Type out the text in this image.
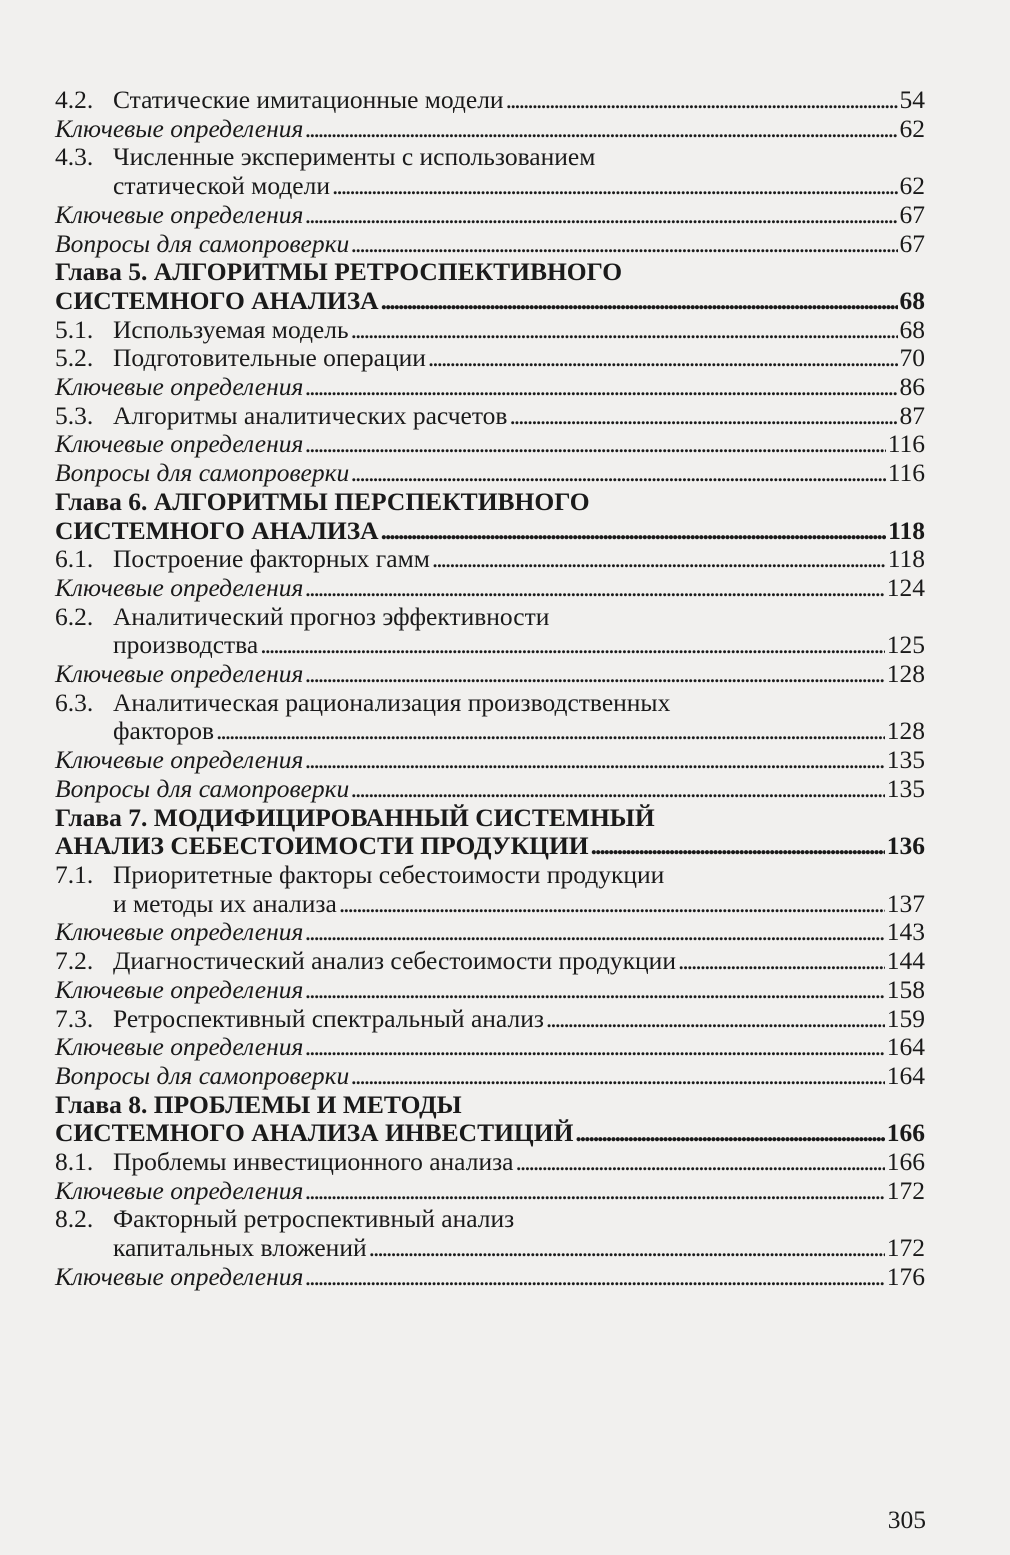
4.2. Статические имитационные модели . . .	54
Ключевые определения . . .	62
4.3. Численные эксперименты с использованием
статической модели . . .	62
Ключевые определения . . .	67
Вопросы для самопроверки . . .	67
Глава 5. АЛГОРИТМЫ РЕТРОСПЕКТИВНОГО
СИСТЕМНОГО АНАЛИЗА . . .	68
5.1. Используемая модель . . .	68
5.2. Подготовительные операции . . .	70
Ключевые определения . . .	86
5.3. Алгоритмы аналитических расчетов . . .	87
Ключевые определения . . .	116
Вопросы для самопроверки . . .	116
Глава 6. АЛГОРИТМЫ ПЕРСПЕКТИВНОГО
СИСТЕМНОГО АНАЛИЗА . . .	118
6.1. Построение факторных гамм . . .	118
Ключевые определения . . .	124
6.2. Аналитический прогноз эффективности
производства . . .	125
Ключевые определения . . .	128
6.3. Аналитическая рационализация производственных
факторов . . .	128
Ключевые определения . . .	135
Вопросы для самопроверки . . .	135
Глава 7. МОДИФИЦИРОВАННЫЙ СИСТЕМНЫЙ
АНАЛИЗ СЕБЕСТОИМОСТИ ПРОДУКЦИИ . . .	136
7.1. Приоритетные факторы себестоимости продукции
и методы их анализа . . .	137
Ключевые определения . . .	143
7.2. Диагностический анализ себестоимости продукции . . .	144
Ключевые определения . . .	158
7.3. Ретроспективный спектральный анализ . . .	159
Ключевые определения . . .	164
Вопросы для самопроверки . . .	164
Глава 8. ПРОБЛЕМЫ И МЕТОДЫ
СИСТЕМНОГО АНАЛИЗА ИНВЕСТИЦИЙ . . .	166
8.1. Проблемы инвестиционного анализа . . .	166
Ключевые определения . . .	172
8.2. Факторный ретроспективный анализ
капитальных вложений . . .	172
Ключевые определения . . .	176
305
